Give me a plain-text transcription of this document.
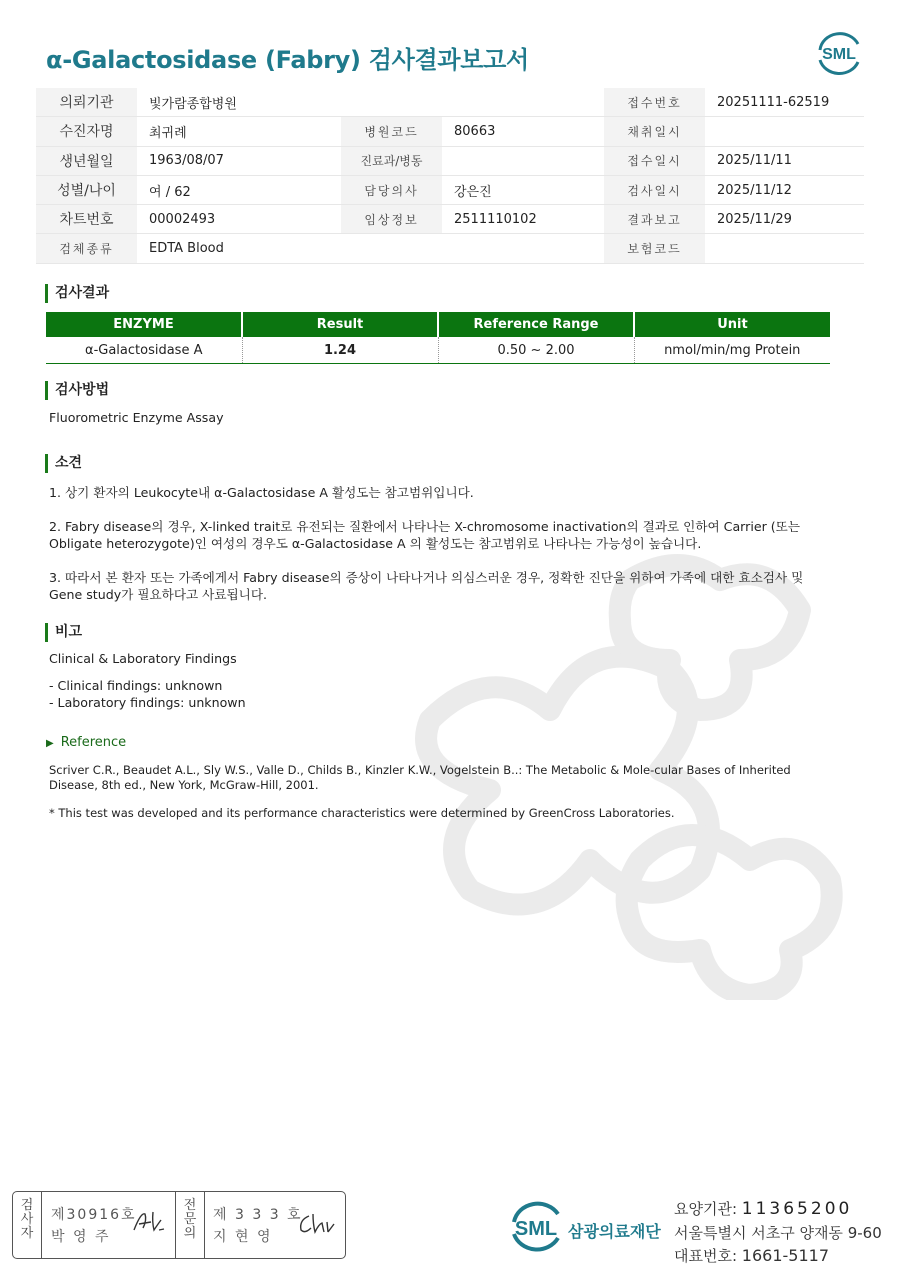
α-Galactosidase (Fabry) 검사결과보고서	SML
의뢰기관	빛가람종합병원			접수번호	20251111-62519
수진자명	최귀례	병원코드	80663	채취일시	
생년월일	1963/08/07	진료과/병동		접수일시	2025/11/11
성별/나이	여 / 62	담당의사	강은진	검사일시	2025/11/12
차트번호	00002493	임상정보	2511110102	결과보고	2025/11/29
검체종류	EDTA Blood			보험코드	
검사결과
ENZYME	Result	Reference Range	Unit
α-Galactosidase A	1.24	0.50 ~ 2.00	nmol/min/mg Protein
검사방법
Fluorometric Enzyme Assay
소견
1. 상기 환자의 Leukocyte내 α-Galactosidase A 활성도는 참고범위입니다.
2. Fabry disease의 경우, X-linked trait로 유전되는 질환에서 나타나는 X-chromosome inactivation의 결과로 인하여 Carrier (또는
Obligate heterozygote)인 여성의 경우도 α-Galactosidase A 의 활성도는 참고범위로 나타나는 가능성이 높습니다.
3. 따라서 본 환자 또는 가족에게서 Fabry disease의 증상이 나타나거나 의심스러운 경우, 정확한 진단을 위하여 가족에 대한 효소검사 및
Gene study가 필요하다고 사료됩니다.
비고
Clinical & Laboratory Findings
- Clinical findings: unknown
- Laboratory findings: unknown
▶ Reference
Scriver C.R., Beaudet A.L., Sly W.S., Valle D., Childs B., Kinzler K.W., Vogelstein B..: The Metabolic & Mole-cular Bases of Inherited
Disease, 8th ed., New York, McGraw-Hill, 2001.
* This test was developed and its performance characteristics were determined by GreenCross Laboratories.
검
사
자
제30916호
박 영 주
전
문
의
제 3 3 3 호
지 현 영	SML 삼광의료재단
요양기관: 11365200
서울특별시 서초구 양재동 9-60
대표번호: 1661-5117
